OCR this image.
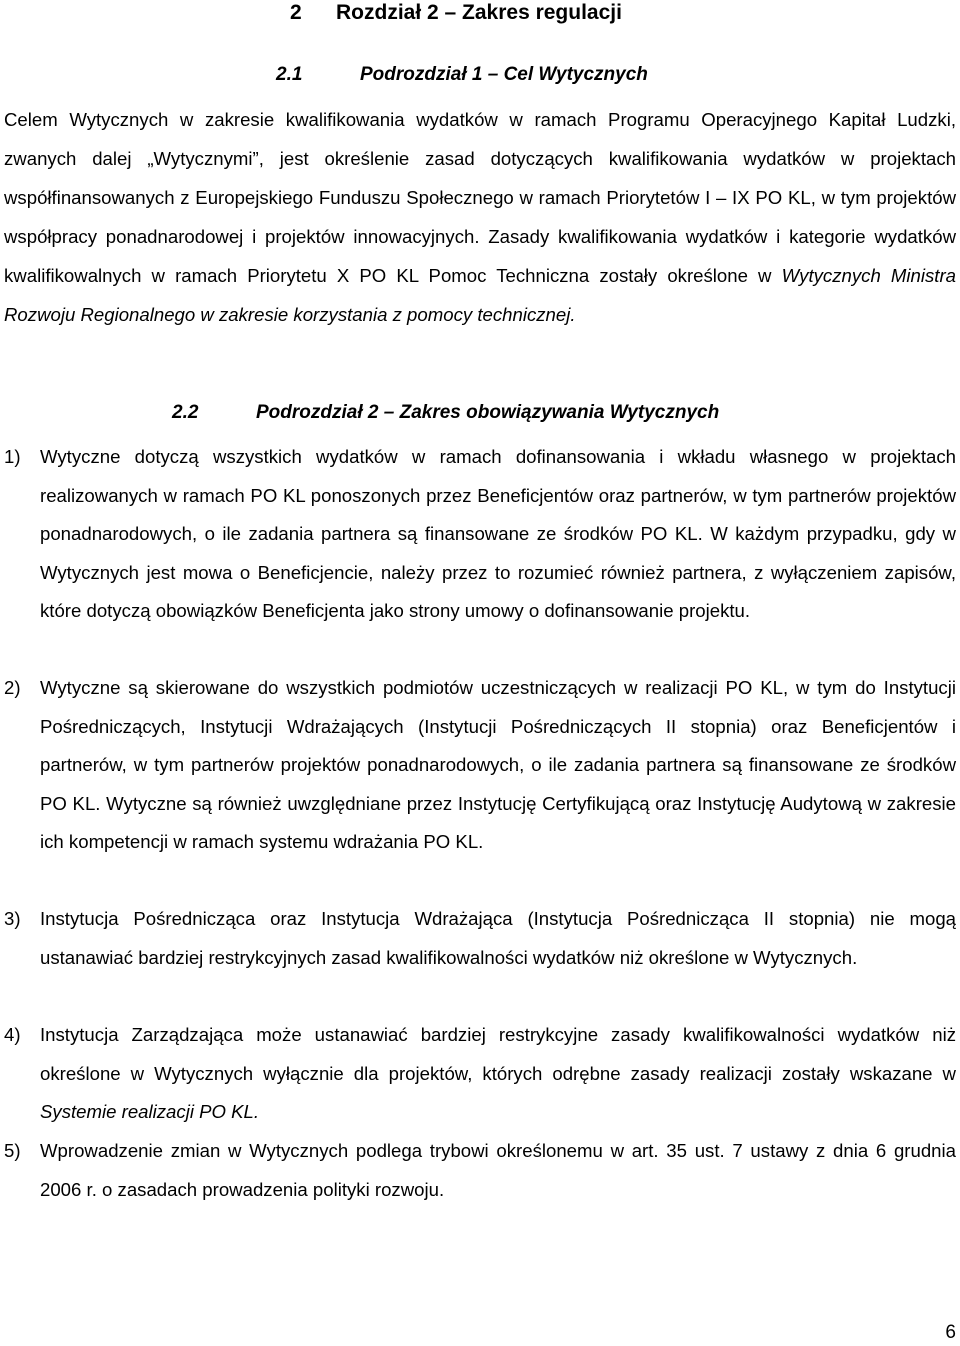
2 Rozdział 2 – Zakres regulacji
2.1	Podrozdział 1 – Cel Wytycznych
Celem Wytycznych w zakresie kwalifikowania wydatków w ramach Programu Operacyjnego Kapitał Ludzki, zwanych dalej „Wytycznymi”, jest określenie zasad dotyczących kwalifikowania wydatków w projektach współfinansowanych z Europejskiego Funduszu Społecznego w ramach Priorytetów I – IX PO KL, w tym projektów współpracy ponadnarodowej i projektów innowacyjnych. Zasady kwalifikowania wydatków i kategorie wydatków kwalifikowalnych w ramach Priorytetu X PO KL Pomoc Techniczna zostały określone w Wytycznych Ministra Rozwoju Regionalnego w zakresie korzystania z pomocy technicznej.
2.2	Podrozdział 2 – Zakres obowiązywania Wytycznych
1) Wytyczne dotyczą wszystkich wydatków w ramach dofinansowania i wkładu własnego w projektach realizowanych w ramach PO KL ponoszonych przez Beneficjentów oraz partnerów, w tym partnerów projektów ponadnarodowych, o ile zadania partnera są finansowane ze środków PO KL. W każdym przypadku, gdy w Wytycznych jest mowa o Beneficjencie, należy przez to rozumieć również partnera, z wyłączeniem zapisów, które dotyczą obowiązków Beneficjenta jako strony umowy o dofinansowanie projektu.
2) Wytyczne są skierowane do wszystkich podmiotów uczestniczących w realizacji PO KL, w tym do Instytucji Pośredniczących, Instytucji Wdrażających (Instytucji Pośredniczących II stopnia) oraz Beneficjentów i partnerów, w tym partnerów projektów ponadnarodowych, o ile zadania partnera są finansowane ze środków PO KL. Wytyczne są również uwzględniane przez Instytucję Certyfikującą oraz Instytucję Audytową w zakresie ich kompetencji w ramach systemu wdrażania PO KL.
3) Instytucja Pośrednicząca oraz Instytucja Wdrażająca (Instytucja Pośrednicząca II stopnia) nie mogą ustanawiać bardziej restrykcyjnych zasad kwalifikowalności wydatków niż określone w Wytycznych.
4) Instytucja Zarządzająca może ustanawiać bardziej restrykcyjne zasady kwalifikowalności wydatków niż określone w Wytycznych wyłącznie dla projektów, których odrębne zasady realizacji zostały wskazane w Systemie realizacji PO KL.
5) Wprowadzenie zmian w Wytycznych podlega trybowi określonemu w art. 35 ust. 7 ustawy z dnia 6 grudnia 2006 r. o zasadach prowadzenia polityki rozwoju.
6
